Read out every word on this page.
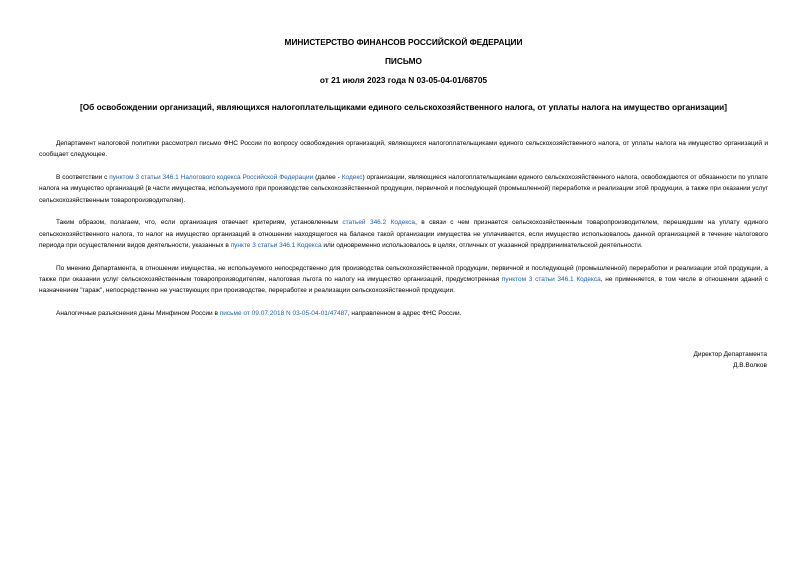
МИНИСТЕРСТВО ФИНАНСОВ РОССИЙСКОЙ ФЕДЕРАЦИИ
ПИСЬМО
от 21 июля 2023 года N 03-05-04-01/68705
[Об освобождении организаций, являющихся налогоплательщиками единого сельскохозяйственного налога, от уплаты налога на имущество организации]

Департамент налоговой политики рассмотрел письмо ФНС России по вопросу освобождения организаций, являющихся налогоплательщиками единого сельскохозяйственного налога, от уплаты налога на имущество организаций и сообщает следующее.

В соответствии с пунктом 3 статьи 346.1 Налогового кодекса Российской Федерации (далее - Кодекс) организации, являющиеся налогоплательщиками единого сельскохозяйственного налога, освобождаются от обязанности по уплате налога на имущество организаций (в части имущества, используемого при производстве сельскохозяйственной продукции, первичной и последующей (промышленной) переработке и реализации этой продукции, а также при оказании услуг сельскохозяйственным товаропроизводителям).

Таким образом, полагаем, что, если организация отвечает критериям, установленным статьей 346.2 Кодекса, в связи с чем признается сельскохозяйственным товаропроизводителем, перешедшим на уплату единого сельскохозяйственного налога, то налог на имущество организаций в отношении находящегося на балансе такой организации имущества не уплачивается, если имущество использовалось данной организацией в течение налогового периода при осуществлении видов деятельности, указанных в пункте 3 статьи 346.1 Кодекса или одновременно использовалось в целях, отличных от указанной предпринимательской деятельности.

По мнению Департамента, в отношении имущества, не используемого непосредственно для производства сельскохозяйственной продукции, первичной и последующей (промышленной) переработки и реализации этой продукции, а также при оказании услуг сельскохозяйственным товаропроизводителям, налоговая льгота по налогу на имущество организаций, предусмотренная пунктом 3 статьи 346.1 Кодекса, не применяется, в том числе в отношении зданий с назначением "гараж", непосредственно не участвующих при производстве, переработке и реализации сельскохозяйственной продукции.

Аналогичные разъяснения даны Минфином России в письме от 09.07.2018 N 03-05-04-01/47487, направленном в адрес ФНС России.

Директор Департамента
Д.В.Волков
